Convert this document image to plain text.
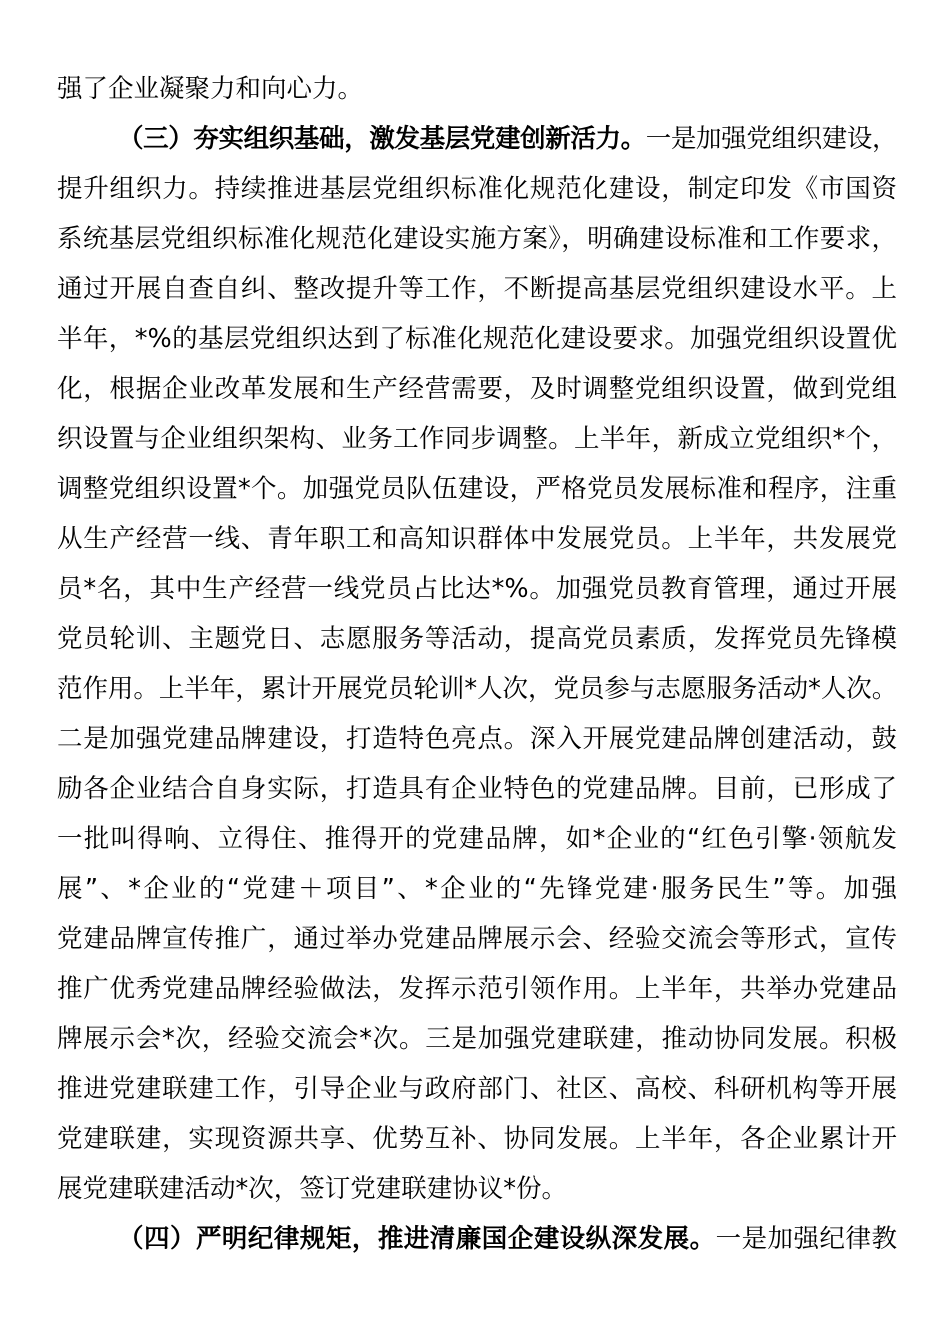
强了企业凝聚力和向心力。
（三）夯实组织基础，激发基层党建创新活力。一是加强党组织建设，
提升组织力。持续推进基层党组织标准化规范化建设，制定印发《市国资
系统基层党组织标准化规范化建设实施方案》，明确建设标准和工作要求，
通过开展自查自纠、整改提升等工作，不断提高基层党组织建设水平。上
半年，*%的基层党组织达到了标准化规范化建设要求。加强党组织设置优
化，根据企业改革发展和生产经营需要，及时调整党组织设置，做到党组
织设置与企业组织架构、业务工作同步调整。上半年，新成立党组织*个，
调整党组织设置*个。加强党员队伍建设，严格党员发展标准和程序，注重
从生产经营一线、青年职工和高知识群体中发展党员。上半年，共发展党
员*名，其中生产经营一线党员占比达*%。加强党员教育管理，通过开展
党员轮训、主题党日、志愿服务等活动，提高党员素质，发挥党员先锋模
范作用。上半年，累计开展党员轮训*人次，党员参与志愿服务活动*人次。
二是加强党建品牌建设，打造特色亮点。深入开展党建品牌创建活动，鼓
励各企业结合自身实际，打造具有企业特色的党建品牌。目前，已形成了
一批叫得响、立得住、推得开的党建品牌，如*企业的“红色引擎·领航发
展”、*企业的“党建＋项目”、*企业的“先锋党建·服务民生”等。加强
党建品牌宣传推广，通过举办党建品牌展示会、经验交流会等形式，宣传
推广优秀党建品牌经验做法，发挥示范引领作用。上半年，共举办党建品
牌展示会*次，经验交流会*次。三是加强党建联建，推动协同发展。积极
推进党建联建工作，引导企业与政府部门、社区、高校、科研机构等开展
党建联建，实现资源共享、优势互补、协同发展。上半年，各企业累计开
展党建联建活动*次，签订党建联建协议*份。
（四）严明纪律规矩，推进清廉国企建设纵深发展。一是加强纪律教
